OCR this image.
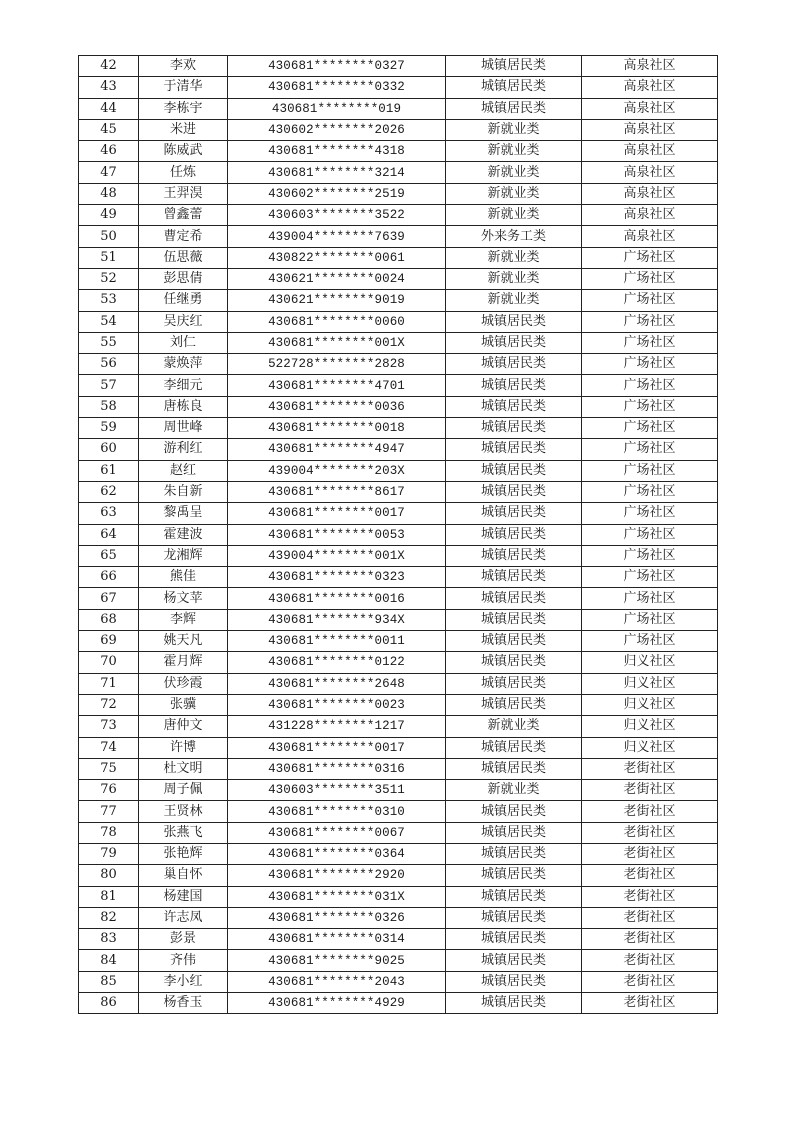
42	李欢	430681********0327	城镇居民类	高泉社区
43	于清华	430681********0332	城镇居民类	高泉社区
44	李栋宇	430681********019	城镇居民类	高泉社区
45	米进	430602********2026	新就业类	高泉社区
46	陈威武	430681********4318	新就业类	高泉社区
47	任炼	430681********3214	新就业类	高泉社区
48	王羿淏	430602********2519	新就业类	高泉社区
49	曾鑫蕾	430603********3522	新就业类	高泉社区
50	曹定希	439004********7639	外来务工类	高泉社区
51	伍思薇	430822********0061	新就业类	广场社区
52	彭思倩	430621********0024	新就业类	广场社区
53	任继勇	430621********9019	新就业类	广场社区
54	吴庆红	430681********0060	城镇居民类	广场社区
55	刘仁	430681********001X	城镇居民类	广场社区
56	蒙焕萍	522728********2828	城镇居民类	广场社区
57	李细元	430681********4701	城镇居民类	广场社区
58	唐栋良	430681********0036	城镇居民类	广场社区
59	周世峰	430681********0018	城镇居民类	广场社区
60	游利红	430681********4947	城镇居民类	广场社区
61	赵红	439004********203X	城镇居民类	广场社区
62	朱自新	430681********8617	城镇居民类	广场社区
63	黎禹呈	430681********0017	城镇居民类	广场社区
64	霍建波	430681********0053	城镇居民类	广场社区
65	龙湘辉	439004********001X	城镇居民类	广场社区
66	熊佳	430681********0323	城镇居民类	广场社区
67	杨文苹	430681********0016	城镇居民类	广场社区
68	李辉	430681********934X	城镇居民类	广场社区
69	姚天凡	430681********0011	城镇居民类	广场社区
70	霍月辉	430681********0122	城镇居民类	归义社区
71	伏珍霞	430681********2648	城镇居民类	归义社区
72	张骥	430681********0023	城镇居民类	归义社区
73	唐仲文	431228********1217	新就业类	归义社区
74	许博	430681********0017	城镇居民类	归义社区
75	杜文明	430681********0316	城镇居民类	老街社区
76	周子佩	430603********3511	新就业类	老街社区
77	王贤林	430681********0310	城镇居民类	老街社区
78	张燕飞	430681********0067	城镇居民类	老街社区
79	张艳辉	430681********0364	城镇居民类	老街社区
80	巢自怀	430681********2920	城镇居民类	老街社区
81	杨建国	430681********031X	城镇居民类	老街社区
82	许志凤	430681********0326	城镇居民类	老街社区
83	彭景	430681********0314	城镇居民类	老街社区
84	齐伟	430681********9025	城镇居民类	老街社区
85	李小红	430681********2043	城镇居民类	老街社区
86	杨香玉	430681********4929	城镇居民类	老街社区
